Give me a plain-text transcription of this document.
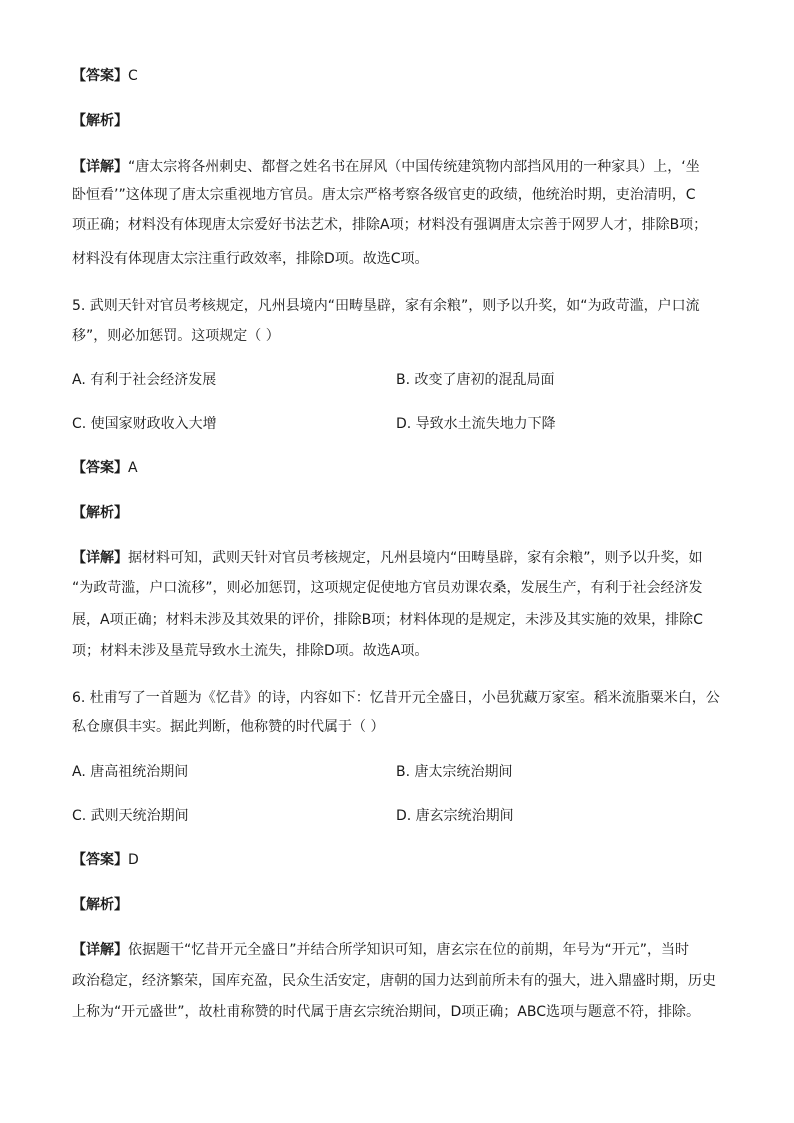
【答案】C
【解析】
【详解】“唐太宗将各州刺史、都督之姓名书在屏风（中国传统建筑物内部挡风用的一种家具）上，‘坐
卧恒看’”这体现了唐太宗重视地方官员。唐太宗严格考察各级官吏的政绩，他统治时期，吏治清明，C
项正确；材料没有体现唐太宗爱好书法艺术，排除A项；材料没有强调唐太宗善于网罗人才，排除B项；
材料没有体现唐太宗注重行政效率，排除D项。故选C项。
5. 武则天针对官员考核规定，凡州县境内“田畴垦辟，家有余粮”，则予以升奖，如“为政苛滥，户口流
移”，则必加惩罚。这项规定（ ）
A. 有利于社会经济发展	B. 改变了唐初的混乱局面
C. 使国家财政收入大增	D. 导致水土流失地力下降
【答案】A
【解析】
【详解】据材料可知，武则天针对官员考核规定，凡州县境内“田畴垦辟，家有余粮”，则予以升奖，如
“为政苛滥，户口流移”，则必加惩罚，这项规定促使地方官员劝课农桑，发展生产，有利于社会经济发
展，A项正确；材料未涉及其效果的评价，排除B项；材料体现的是规定，未涉及其实施的效果，排除C
项；材料未涉及垦荒导致水土流失，排除D项。故选A项。
6. 杜甫写了一首题为《忆昔》的诗，内容如下：忆昔开元全盛日，小邑犹藏万家室。稻米流脂粟米白，公
私仓廪俱丰实。据此判断，他称赞的时代属于（ ）
A. 唐高祖统治期间	B. 唐太宗统治期间
C. 武则天统治期间	D. 唐玄宗统治期间
【答案】D
【解析】
【详解】依据题干“忆昔开元全盛日”并结合所学知识可知，唐玄宗在位的前期，年号为“开元”，当时
政治稳定，经济繁荣，国库充盈，民众生活安定，唐朝的国力达到前所未有的强大，进入鼎盛时期，历史
上称为“开元盛世”，故杜甫称赞的时代属于唐玄宗统治期间，D项正确；ABC选项与题意不符，排除。
